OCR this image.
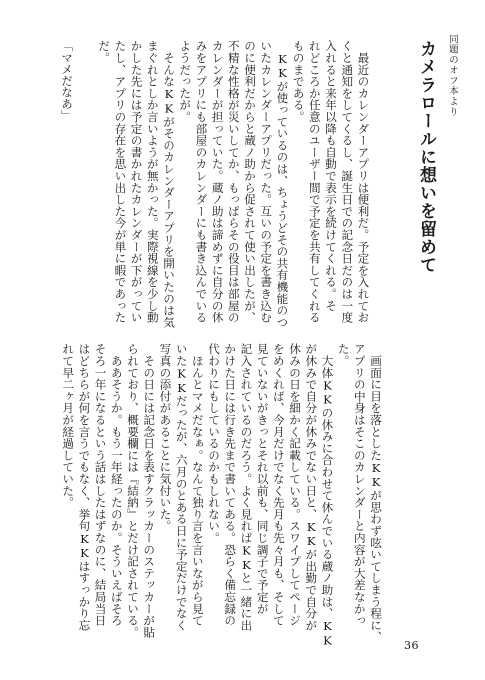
同題のオフ本より
カメラロールに想いを留めて
　最近のカレンダーアプリは便利だ。予定を入れてお
くと通知をしてくるし、誕生日での記念日だのは一度
入れると来年以降も自動で表示を続けてくれる。そ
れどころか任意のユーザー間で予定を共有してくれる
ものまである。
　KKが使っているのは、ちょうどその共有機能のつ
いたカレンダーアプリだった。互いの予定を書き込む
のに便利だからと蔵ノ助から促されて使い出したが、
不精な性格が災いしてか、もっぱらその役目は部屋の
カレンダーが担っていた。蔵ノ助は諦めずに自分の休
みをアプリにも部屋のカレンダーにも書き込んでいる
ようだったが。
　そんなKKがそのカレンダーアプリを開いたのは気
まぐれとしか言いようが無かった。実際視線を少し動
かした先には予定の書かれたカレンダーが下がってい
たし、アプリの存在を思い出した今が単に暇であった
だ。
「マメだなあ」
　画面に目を落としたKKが思わず呟いてしまう程に、
アプリの中身はそこのカレンダーと内容が大差なかっ
た。
　大体KKの休みに合わせて休んでいる蔵ノ助は、KK
が休みで自分が休みでない日と、KKが出勤で自分が
休みの日を細かく記載している。スワイプしてページ
をめくれば、今月だけでなく先月も先々月も、そして
見ていないがきっとそれ以前も、同じ調子で予定が
記入されているのだろう。よく見ればKKと一緒に出
かけた日には行き先まで書いてある。恐らく備忘録の
代わりにもしているのかもしれない。
　ほんとマメだなぁ。なんて独り言を言いながら見て
いたKKだったが、六月のとある日に予定だけでなく
写真の添付があることに気付いた。
　その日には記念日を表すクラッカーのステッカーが貼
られており、概要欄には『結納』とだけ記されている。
　ああそうか。もう一年経ったのか。そういえばそろ
そろ一年になるという話はしたはずなのに、結局当日
はどちらが何を言うでもなく、挙句KKはすっかり忘
れて早二ヶ月が経過していた。
36
